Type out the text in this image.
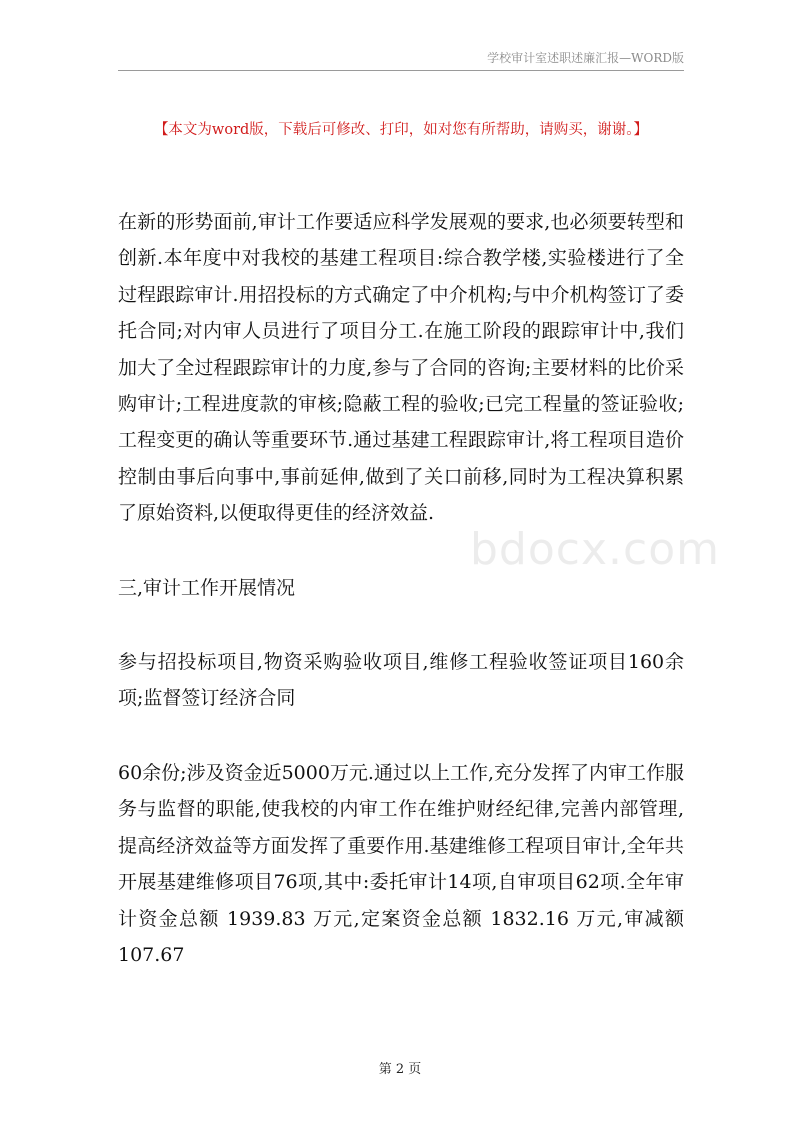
学校审计室述职述廉汇报—WORD版
【本文为word版，下载后可修改、打印，如对您有所帮助，请购买，谢谢。】

在新的形势面前,审计工作要适应科学发展观的要求,也必须要转型和创新.本年度中对我校的基建工程项目:综合教学楼,实验楼进行了全过程跟踪审计.用招投标的方式确定了中介机构;与中介机构签订了委托合同;对内审人员进行了项目分工.在施工阶段的跟踪审计中,我们加大了全过程跟踪审计的力度,参与了合同的咨询;主要材料的比价采购审计;工程进度款的审核;隐蔽工程的验收;已完工程量的签证验收;工程变更的确认等重要环节.通过基建工程跟踪审计,将工程项目造价控制由事后向事中,事前延伸,做到了关口前移,同时为工程决算积累了原始资料,以便取得更佳的经济效益.

三,审计工作开展情况

参与招投标项目,物资采购验收项目,维修工程验收签证项目160余项;监督签订经济合同

60余份;涉及资金近5000万元.通过以上工作,充分发挥了内审工作服务与监督的职能,使我校的内审工作在维护财经纪律,完善内部管理,提高经济效益等方面发挥了重要作用.基建维修工程项目审计,全年共开展基建维修项目76项,其中:委托审计14项,自审项目62项.全年审计资金总额 1939.83 万元,定案资金总额 1832.16 万元,审减额 107.67

bdocx.com
第 2 页
